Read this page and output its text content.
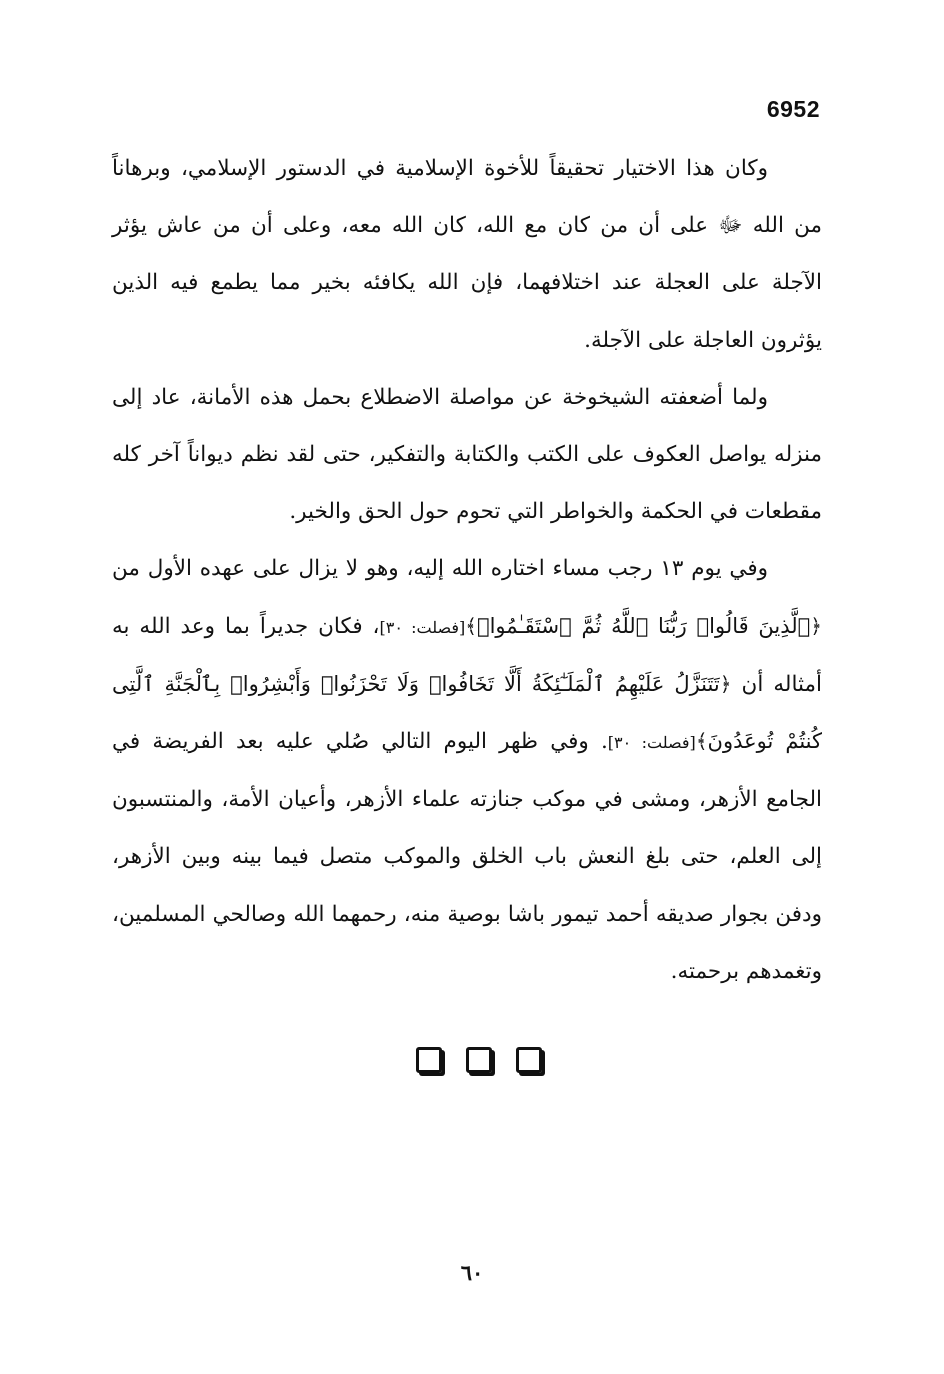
6952

وكان هذا الاختيار تحقيقاً للأخوة الإسلامية في الدستور الإسلامي، وبرهاناً من الله ﷻ على أن من كان مع الله، كان الله معه، وعلى أن من عاش يؤثر الآجلة على العجلة عند اختلافهما، فإن الله يكافئه بخير مما يطمع فيه الذين يؤثرون العاجلة على الآجلة.

ولما أضعفته الشيخوخة عن مواصلة الاضطلاع بحمل هذه الأمانة، عاد إلى منزله يواصل العكوف على الكتب والكتابة والتفكير، حتى لقد نظم ديواناً آخر كله مقطعات في الحكمة والخواطر التي تحوم حول الحق والخير.

وفي يوم ١٣ رجب مساء اختاره الله إليه، وهو لا يزال على عهده الأول من ﴿ٱلَّذِينَ قَالُوا۟ رَبُّنَا ٱللَّهُ ثُمَّ ٱسْتَقَـٰمُوا۟﴾[فصلت: ٣٠]، فكان جديراً بما وعد الله به أمثاله أن ﴿تَتَنَزَّلُ عَلَيْهِمُ ٱلْمَلَـٰٓئِكَةُ أَلَّا تَخَافُوا۟ وَلَا تَحْزَنُوا۟ وَأَبْشِرُوا۟ بِٱلْجَنَّةِ ٱلَّتِى كُنتُمْ تُوعَدُونَ﴾[فصلت: ٣٠]. وفي ظهر اليوم التالي صُلي عليه بعد الفريضة في الجامع الأزهر، ومشى في موكب جنازته علماء الأزهر، وأعيان الأمة، والمنتسبون إلى العلم، حتى بلغ النعش باب الخلق والموكب متصل فيما بينه وبين الأزهر، ودفن بجوار صديقه أحمد تيمور باشا بوصية منه، رحمهما الله وصالحي المسلمين، وتغمدهم برحمته.

٦٠
